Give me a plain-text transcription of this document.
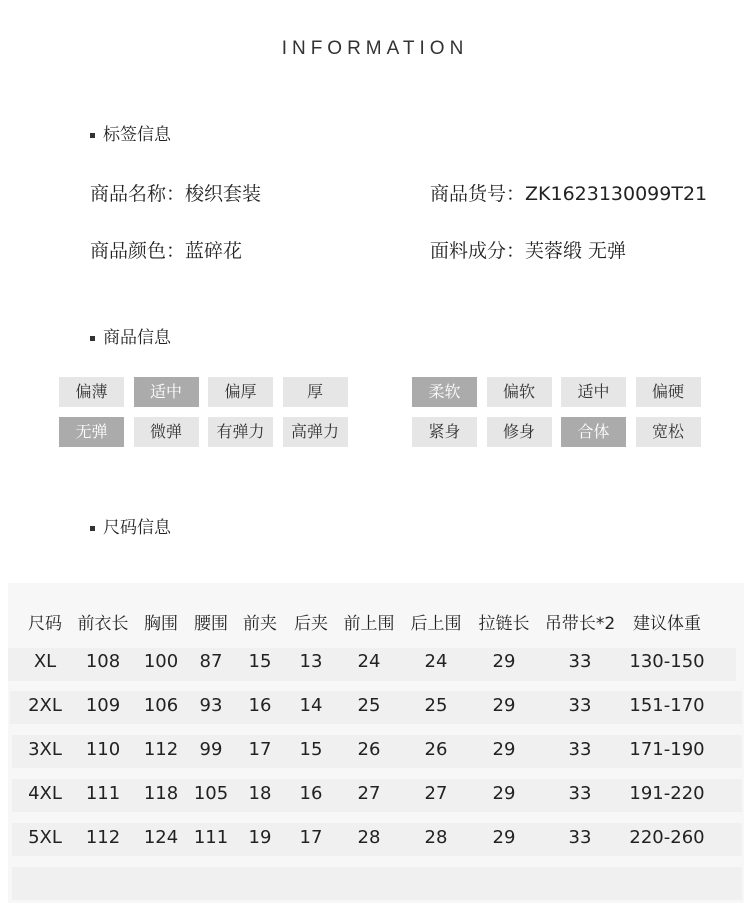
INFORMATION
标签信息
商品名称：梭织套装	商品货号：ZK1623130099T21
商品颜色：蓝碎花	面料成分：芙蓉缎 无弹
商品信息
偏薄	适中	偏厚	厚
无弹	微弹	有弹力	高弹力
柔软	偏软	适中	偏硬
紧身	修身	合体	宽松
尺码信息
尺码 前衣长 胸围 腰围 前夹 后夹 前上围 后上围 拉链长 吊带长*2 建议体重
XL 108 100 87 15 13 24 24	29	33 130-150
2XL 109 106 93 16 14 25 25	29	33 151-170
3XL 110 112 99 17 15 26 26	29	33 171-190
4XL 111 118 105 18 16 27 27	29	33 191-220
5XL 112 124 111 19 17 28 28	29	33 220-260
